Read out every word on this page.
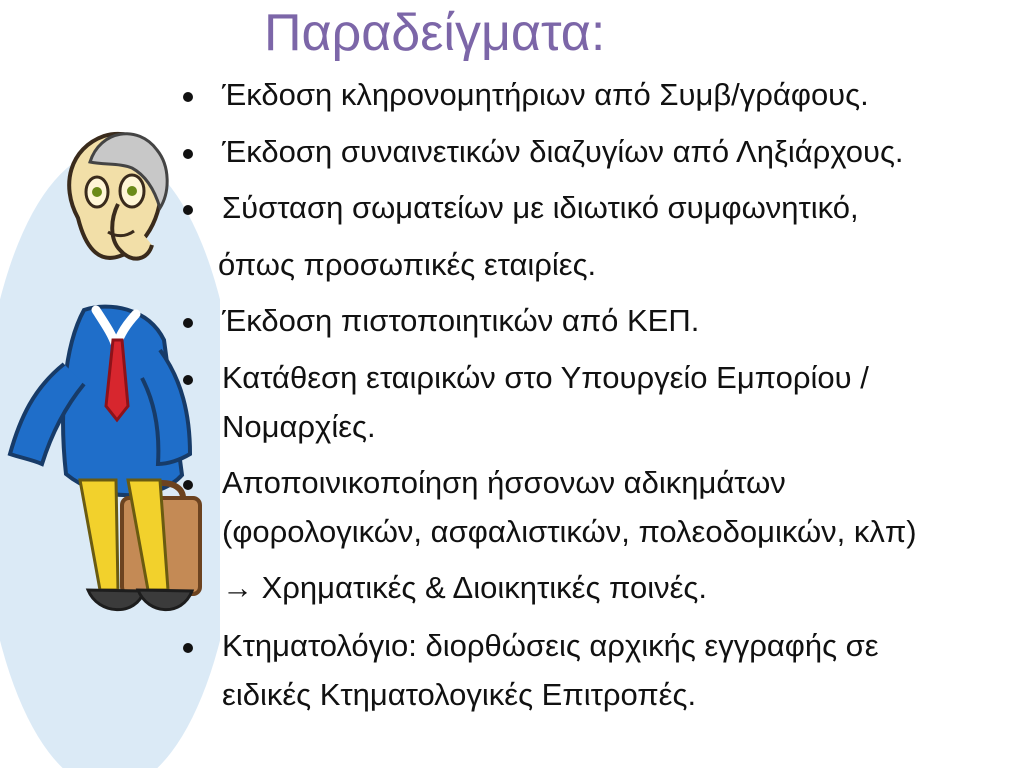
Παραδείγματα:
Έκδοση κληρονομητήριων από Συμβ/γράφους.
Έκδοση συναινετικών διαζυγίων από Ληξιάρχους.
Σύσταση σωματείων με ιδιωτικό συμφωνητικό,
όπως προσωπικές εταιρίες.
Έκδοση πιστοποιητικών από ΚΕΠ.
Κατάθεση εταιρικών στο Υπουργείο Εμπορίου /
Νομαρχίες.
Αποποινικοποίηση ήσσονων αδικημάτων
(φορολογικών, ασφαλιστικών, πολεοδομικών, κλπ)
→ Χρηματικές & Διοικητικές ποινές.
Κτηματολόγιο: διορθώσεις αρχικής εγγραφής σε
ειδικές Κτηματολογικές Επιτροπές.
